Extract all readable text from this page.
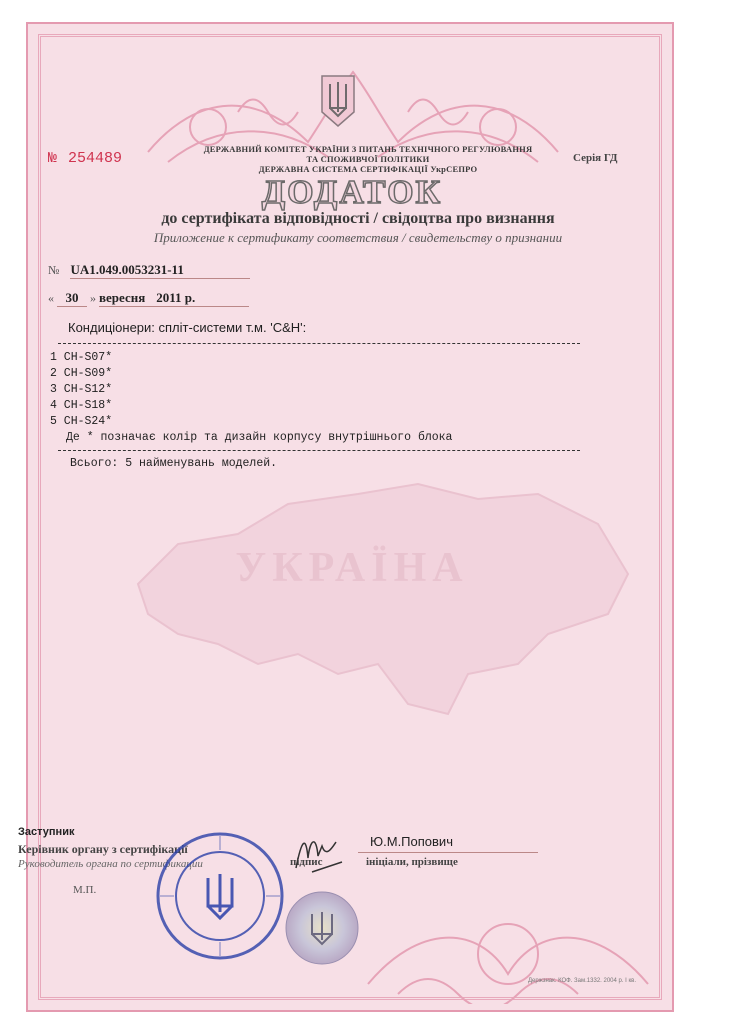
№ 254489
ДЕРЖАВНИЙ КОМІТЕТ УКРАЇНИ З ПИТАНЬ ТЕХНІЧНОГО РЕГУЛЮВАННЯ
ТА СПОЖИВЧОЇ ПОЛІТИКИ
ДЕРЖАВНА СИСТЕМА СЕРТИФІКАЦІЇ УкрСЕПРО
Серія ГД
ДОДАТОК
до сертифіката відповідності / свідоцтва про визнання
Приложение к сертификату соответствия / свидетельству о признании
УКРАЇНА
№ UA1.049.0053231-11
« 30 » вересня 2011 р.
Кондиціонери: спліт-системи т.м. 'C&H':
1 CH-S07*
2 CH-S09*
3 CH-S12*
4 CH-S18*
5 CH-S24*
Де * позначає колір та дизайн корпусу внутрішнього блока
Всього: 5 найменувань моделей.
Заступник
Керівник органу з сертифікації
Руководитель органа по сертификации	підпис
Ю.М.Попович
ініціали, прізвище
М.П.
Держзнак. КОФ. Зам.1332. 2004 р. І кв.
